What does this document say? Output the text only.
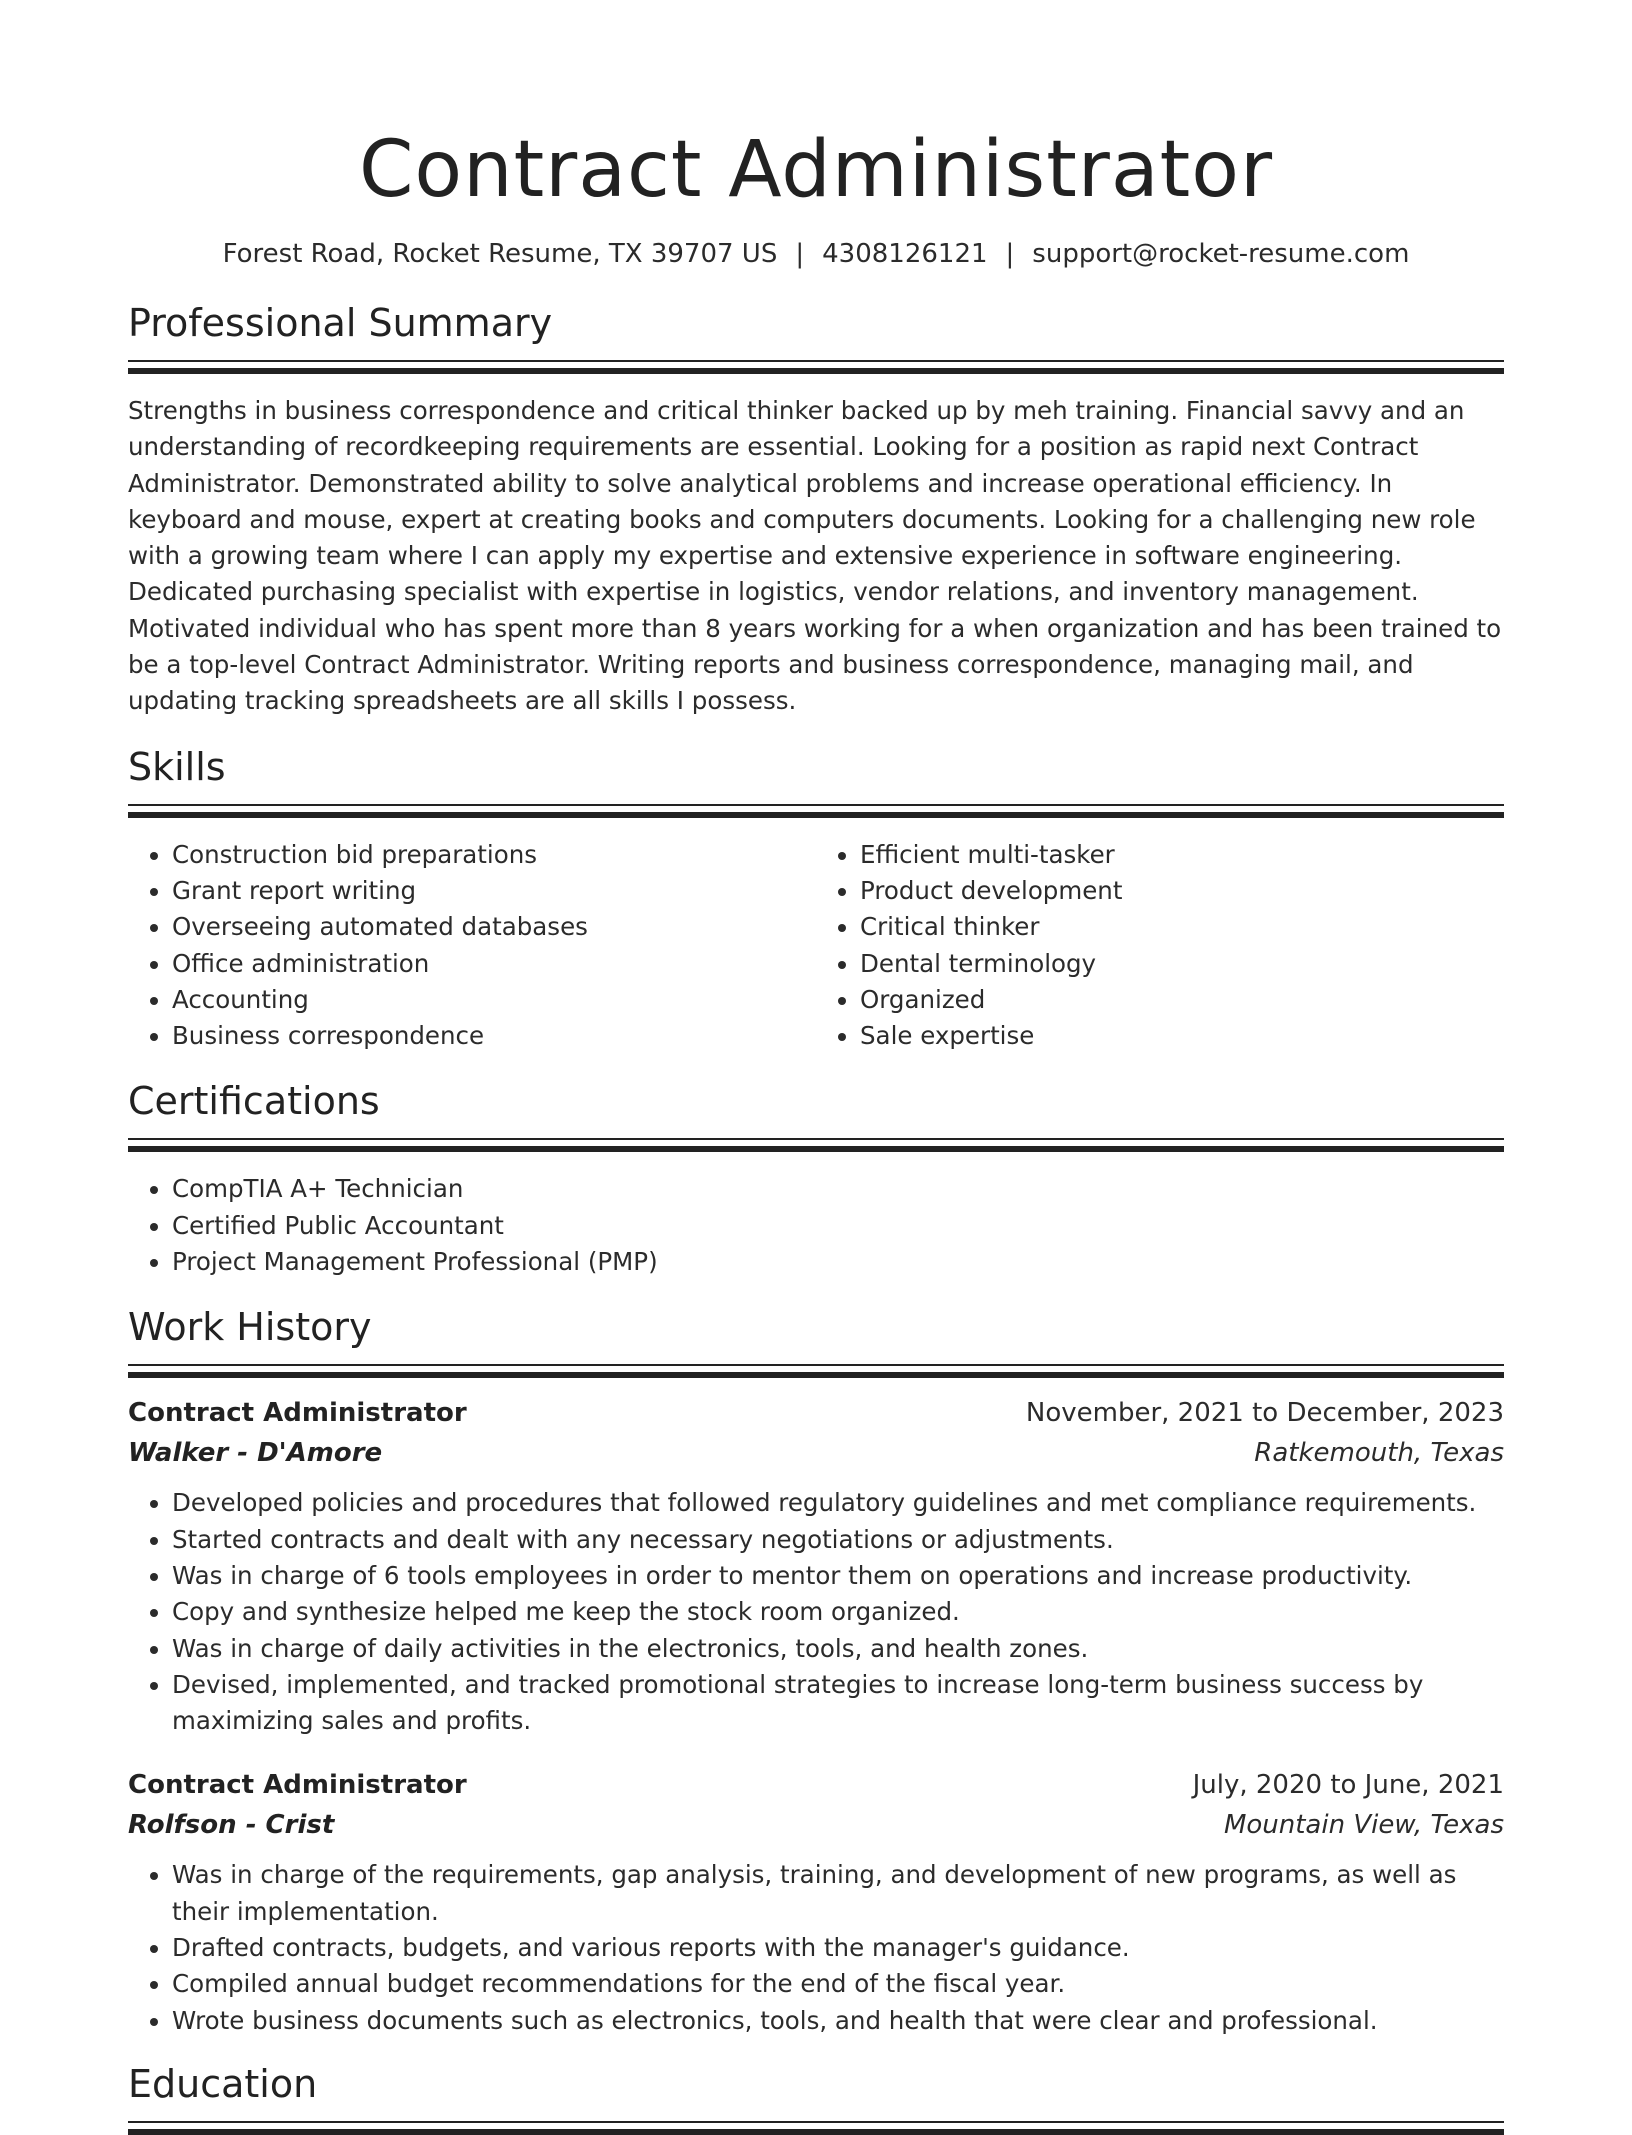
Contract Administrator
Forest Road, Rocket Resume, TX 39707 US | 4308126121 | support@rocket-resume.com
Professional Summary
Strengths in business correspondence and critical thinker backed up by meh training. Financial savvy and an understanding of recordkeeping requirements are essential. Looking for a position as rapid next Contract Administrator. Demonstrated ability to solve analytical problems and increase operational efficiency. In keyboard and mouse, expert at creating books and computers documents. Looking for a challenging new role with a growing team where I can apply my expertise and extensive experience in software engineering. Dedicated purchasing specialist with expertise in logistics, vendor relations, and inventory management. Motivated individual who has spent more than 8 years working for a when organization and has been trained to be a top-level Contract Administrator. Writing reports and business correspondence, managing mail, and updating tracking spreadsheets are all skills I possess.
Skills
• Construction bid preparations
• Grant report writing
• Overseeing automated databases
• Office administration
• Accounting
• Business correspondence
• Efficient multi-tasker
• Product development
• Critical thinker
• Dental terminology
• Organized
• Sale expertise
Certifications
• CompTIA A+ Technician
• Certified Public Accountant
• Project Management Professional (PMP)
Work History
Contract Administrator	November, 2021 to December, 2023
Walker - D'Amore	Ratkemouth, Texas
• Developed policies and procedures that followed regulatory guidelines and met compliance requirements.
• Started contracts and dealt with any necessary negotiations or adjustments.
• Was in charge of 6 tools employees in order to mentor them on operations and increase productivity.
• Copy and synthesize helped me keep the stock room organized.
• Was in charge of daily activities in the electronics, tools, and health zones.
• Devised, implemented, and tracked promotional strategies to increase long-term business success by maximizing sales and profits.
Contract Administrator	July, 2020 to June, 2021
Rolfson - Crist	Mountain View, Texas
• Was in charge of the requirements, gap analysis, training, and development of new programs, as well as their implementation.
• Drafted contracts, budgets, and various reports with the manager's guidance.
• Compiled annual budget recommendations for the end of the fiscal year.
• Wrote business documents such as electronics, tools, and health that were clear and professional.
Education
